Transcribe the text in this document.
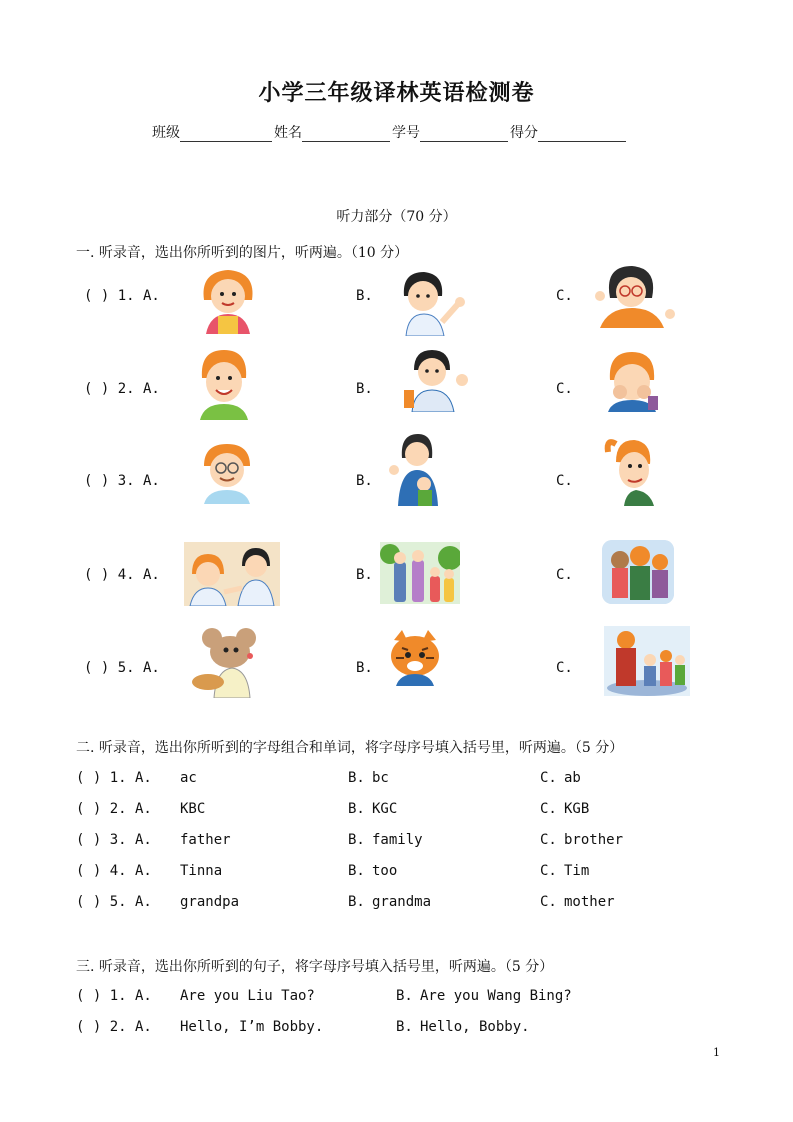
小学三年级译林英语检测卷
班级	姓名	学号	得分
听力部分（70 分）
一. 听录音，选出你所听到的图片，听两遍。（10 分）
( ) 1. A.	B.	C.
( ) 2. A.	B.	C.
( ) 3. A.	B.	C.
( ) 4. A.	B.	C.
( ) 5. A.	B.	C.
二. 听录音，选出你所听到的字母组合和单词，将字母序号填入括号里，听两遍。（5 分）
( ) 1. A. ac	B. bc	C. ab
( ) 2. A. KBC	B. KGC	C. KGB
( ) 3. A. father	B. family	C. brother
( ) 4. A. Tinna	B. too	C. Tim
( ) 5. A. grandpa	B. grandma	C. mother
三. 听录音，选出你所听到的句子，将字母序号填入括号里，听两遍。（5 分）
( ) 1. A. Are you Liu Tao?	B. Are you Wang Bing?
( ) 2. A. Hello, I’m Bobby.	B. Hello, Bobby.
1
